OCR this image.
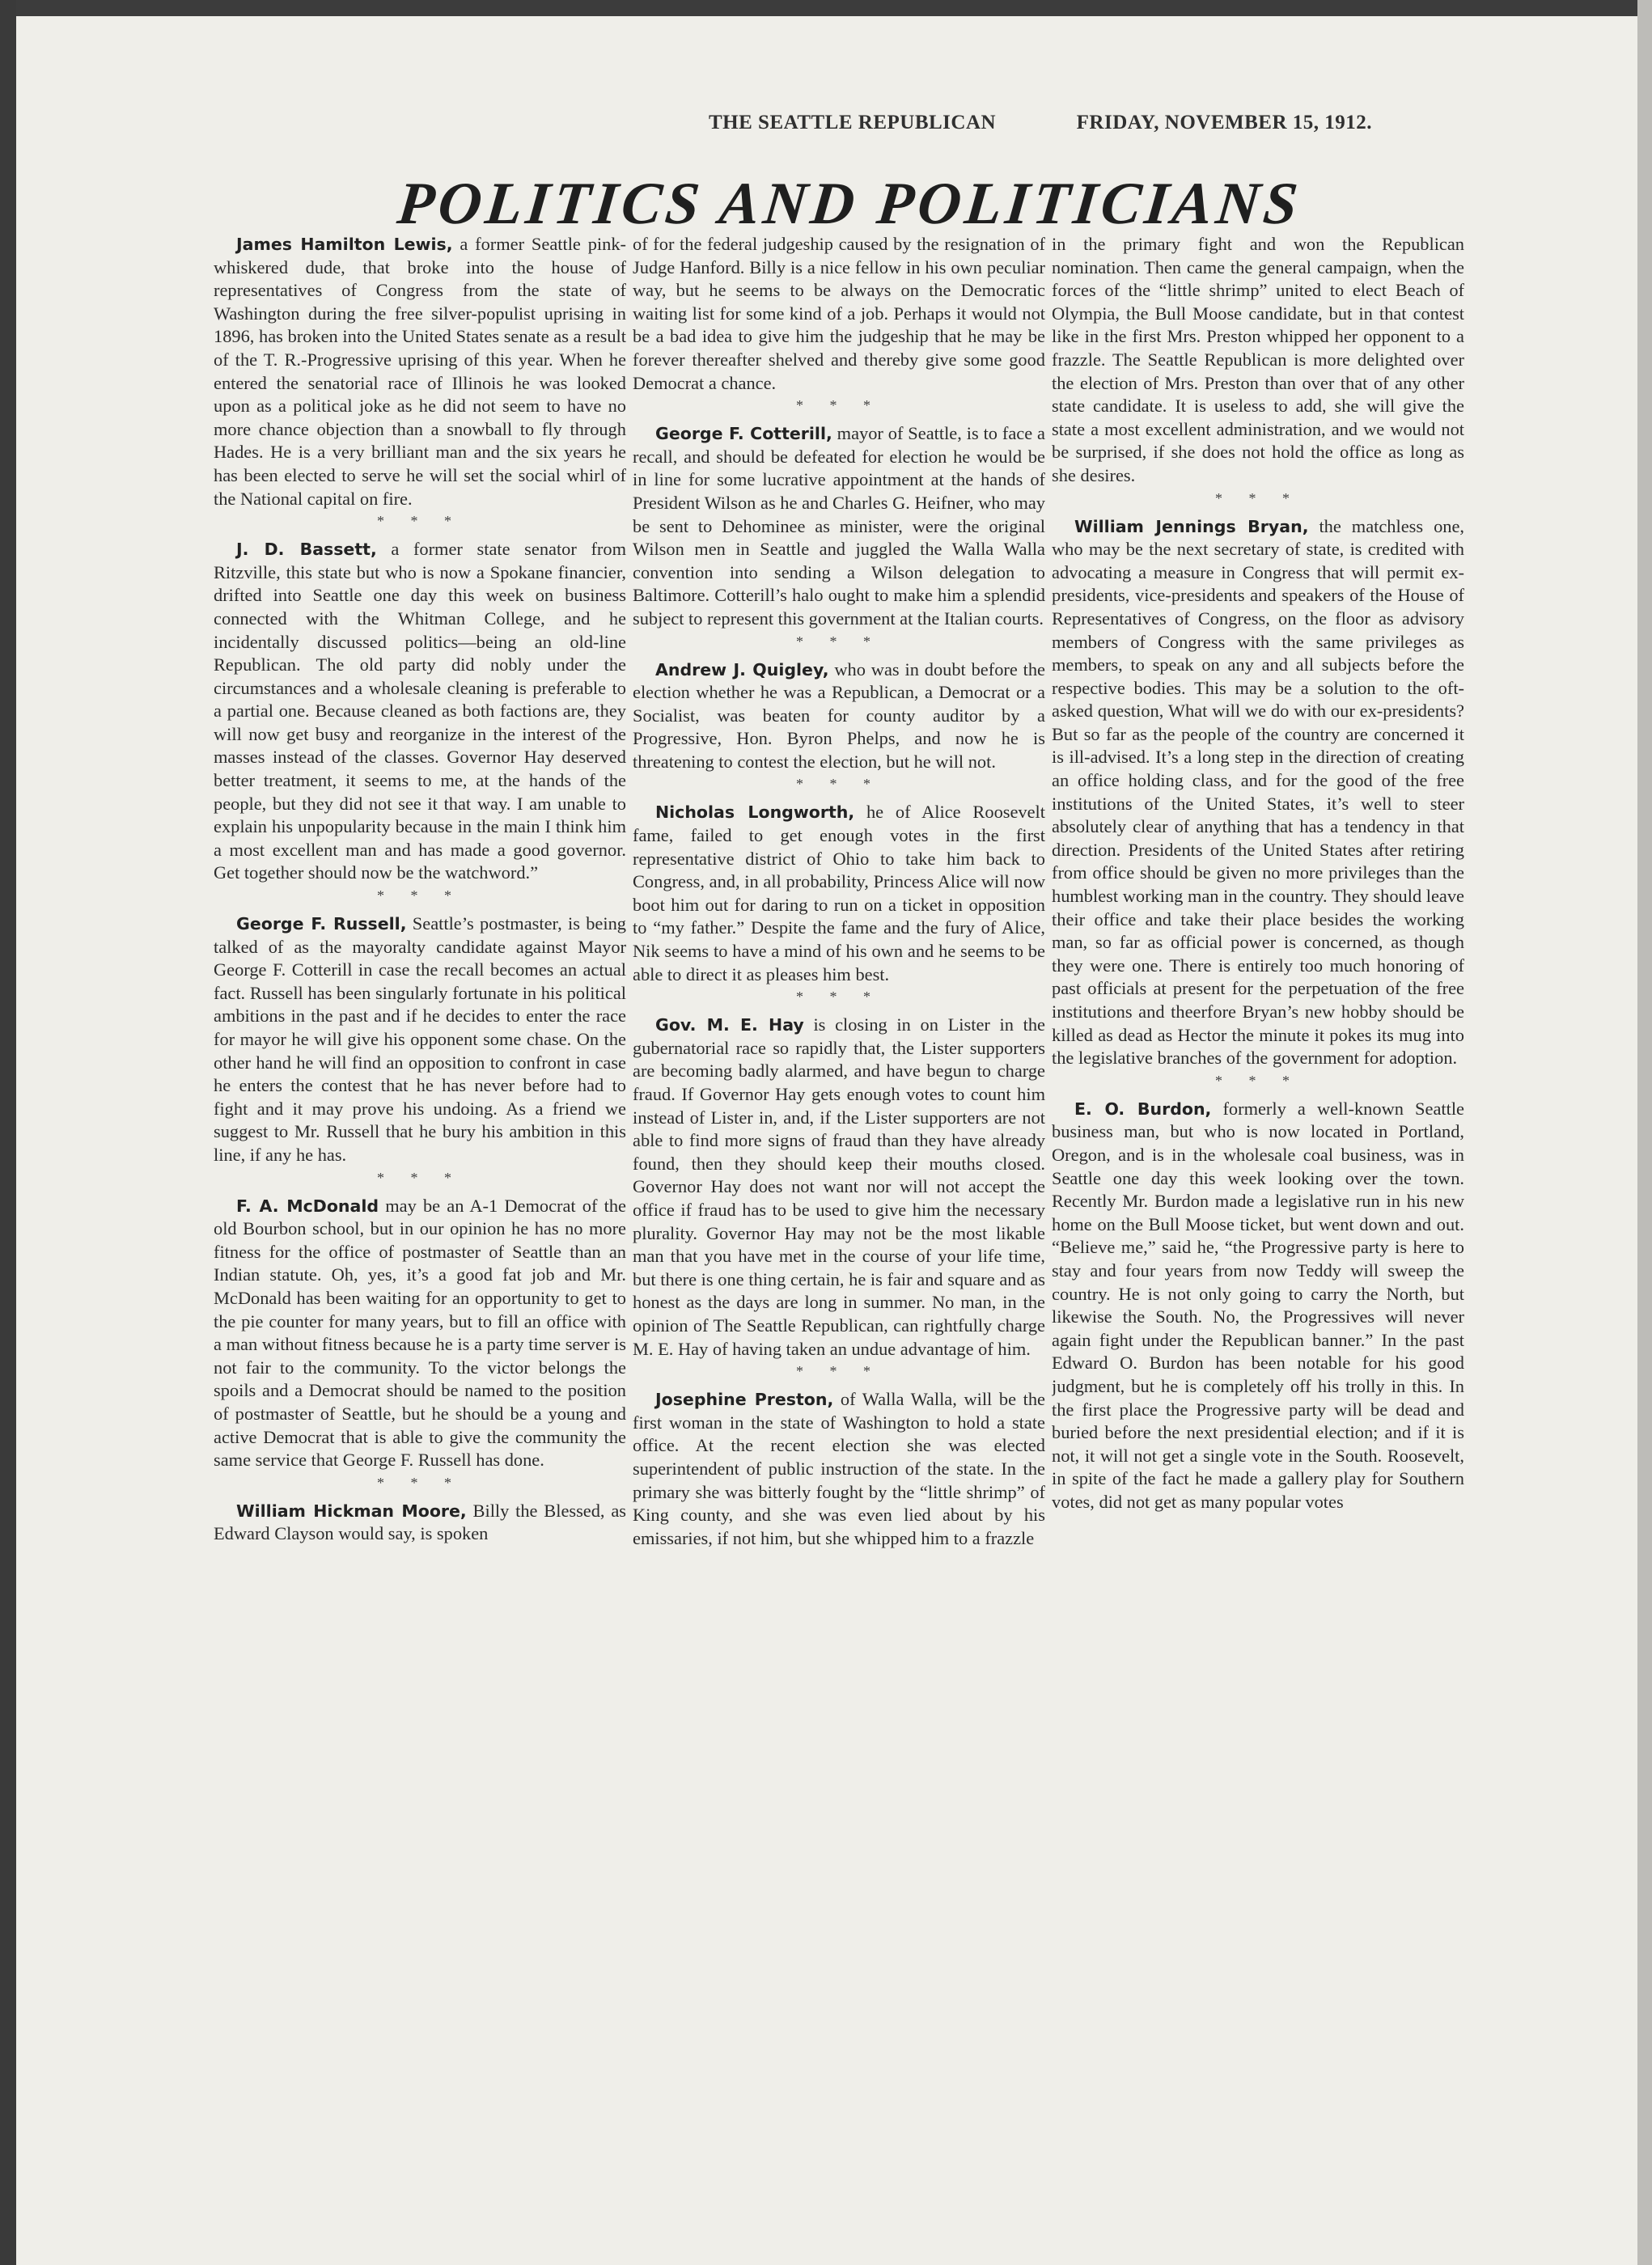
THE SEATTLE REPUBLICAN	FRIDAY, NOVEMBER 15, 1912.
POLITICS AND POLITICIANS

James Hamilton Lewis, a former Seattle pink-whiskered dude, that broke into the house of representatives of Congress from the state of Washington during the free silver-populist uprising in 1896, has broken into the United States senate as a result of the T. R.-Progressive uprising of this year. When he entered the senatorial race of Illinois he was looked upon as a political joke as he did not seem to have no more chance objection than a snowball to fly through Hades. He is a very brilliant man and the six years he has been elected to serve he will set the social whirl of the National capital on fire.

* * *

J. D. Bassett, a former state senator from Ritzville, this state but who is now a Spokane financier, drifted into Seattle one day this week on business connected with the Whitman College, and he incidentally discussed politics—being an old-line Republican. The old party did nobly under the circumstances and a wholesale cleaning is preferable to a partial one. Because cleaned as both factions are, they will now get busy and reorganize in the interest of the masses instead of the classes. Governor Hay deserved better treatment, it seems to me, at the hands of the people, but they did not see it that way. I am unable to explain his unpopularity because in the main I think him a most excellent man and has made a good governor. Get together should now be the watchword.”

* * *

George F. Russell, Seattle’s postmaster, is being talked of as the mayoralty candidate against Mayor George F. Cotterill in case the recall becomes an actual fact. Russell has been singularly fortunate in his political ambitions in the past and if he decides to enter the race for mayor he will give his opponent some chase. On the other hand he will find an opposition to confront in case he enters the contest that he has never before had to fight and it may prove his undoing. As a friend we suggest to Mr. Russell that he bury his ambition in this line, if any he has.

* * *

F. A. McDonald may be an A-1 Democrat of the old Bourbon school, but in our opinion he has no more fitness for the office of postmaster of Seattle than an Indian statute. Oh, yes, it’s a good fat job and Mr. McDonald has been waiting for an opportunity to get to the pie counter for many years, but to fill an office with a man without fitness because he is a party time server is not fair to the community. To the victor belongs the spoils and a Democrat should be named to the position of postmaster of Seattle, but he should be a young and active Democrat that is able to give the community the same service that George F. Russell has done.

* * *

William Hickman Moore, Billy the Blessed, as Edward Clayson would say, is spoken

of for the federal judgeship caused by the resignation of Judge Hanford. Billy is a nice fellow in his own peculiar way, but he seems to be always on the Democratic waiting list for some kind of a job. Perhaps it would not be a bad idea to give him the judgeship that he may be forever thereafter shelved and thereby give some good Democrat a chance.

* * *

George F. Cotterill, mayor of Seattle, is to face a recall, and should be defeated for election he would be in line for some lucrative appointment at the hands of President Wilson as he and Charles G. Heifner, who may be sent to Dehominee as minister, were the original Wilson men in Seattle and juggled the Walla Walla convention into sending a Wilson delegation to Baltimore. Cotterill’s halo ought to make him a splendid subject to represent this government at the Italian courts.

* * *

Andrew J. Quigley, who was in doubt before the election whether he was a Republican, a Democrat or a Socialist, was beaten for county auditor by a Progressive, Hon. Byron Phelps, and now he is threatening to contest the election, but he will not.

* * *

Nicholas Longworth, he of Alice Roosevelt fame, failed to get enough votes in the first representative district of Ohio to take him back to Congress, and, in all probability, Princess Alice will now boot him out for daring to run on a ticket in opposition to “my father.” Despite the fame and the fury of Alice, Nik seems to have a mind of his own and he seems to be able to direct it as pleases him best.

* * *

Gov. M. E. Hay is closing in on Lister in the gubernatorial race so rapidly that, the Lister supporters are becoming badly alarmed, and have begun to charge fraud. If Governor Hay gets enough votes to count him instead of Lister in, and, if the Lister supporters are not able to find more signs of fraud than they have already found, then they should keep their mouths closed. Governor Hay does not want nor will not accept the office if fraud has to be used to give him the necessary plurality. Governor Hay may not be the most likable man that you have met in the course of your life time, but there is one thing certain, he is fair and square and as honest as the days are long in summer. No man, in the opinion of The Seattle Republican, can rightfully charge M. E. Hay of having taken an undue advantage of him.

* * *

Josephine Preston, of Walla Walla, will be the first woman in the state of Washington to hold a state office. At the recent election she was elected superintendent of public instruction of the state. In the primary she was bitterly fought by the “little shrimp” of King county, and she was even lied about by his emissaries, if not him, but she whipped him to a frazzle

in the primary fight and won the Republican nomination. Then came the general campaign, when the forces of the “little shrimp” united to elect Beach of Olympia, the Bull Moose candidate, but in that contest like in the first Mrs. Preston whipped her opponent to a frazzle. The Seattle Republican is more delighted over the election of Mrs. Preston than over that of any other state candidate. It is useless to add, she will give the state a most excellent administration, and we would not be surprised, if she does not hold the office as long as she desires.

* * *

William Jennings Bryan, the matchless one, who may be the next secretary of state, is credited with advocating a measure in Congress that will permit ex-presidents, vice-presidents and speakers of the House of Representatives of Congress, on the floor as advisory members of Congress with the same privileges as members, to speak on any and all subjects before the respective bodies. This may be a solution to the oft-asked question, What will we do with our ex-presidents? But so far as the people of the country are concerned it is ill-advised. It’s a long step in the direction of creating an office holding class, and for the good of the free institutions of the United States, it’s well to steer absolutely clear of anything that has a tendency in that direction. Presidents of the United States after retiring from office should be given no more privileges than the humblest working man in the country. They should leave their office and take their place besides the working man, so far as official power is concerned, as though they were one. There is entirely too much honoring of past officials at present for the perpetuation of the free institutions and theerfore Bryan’s new hobby should be killed as dead as Hector the minute it pokes its mug into the legislative branches of the government for adoption.

* * *

E. O. Burdon, formerly a well-known Seattle business man, but who is now located in Portland, Oregon, and is in the wholesale coal business, was in Seattle one day this week looking over the town. Recently Mr. Burdon made a legislative run in his new home on the Bull Moose ticket, but went down and out. “Believe me,” said he, “the Progressive party is here to stay and four years from now Teddy will sweep the country. He is not only going to carry the North, but likewise the South. No, the Progressives will never again fight under the Republican banner.” In the past Edward O. Burdon has been notable for his good judgment, but he is completely off his trolly in this. In the first place the Progressive party will be dead and buried before the next presidential election; and if it is not, it will not get a single vote in the South. Roosevelt, in spite of the fact he made a gallery play for Southern votes, did not get as many popular votes
